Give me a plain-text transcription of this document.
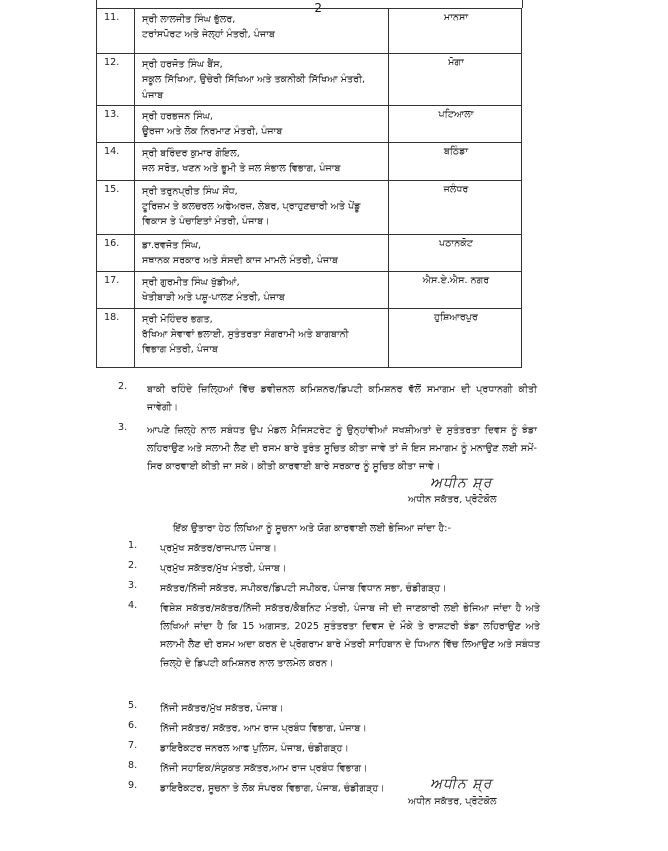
-2-
11.	ਸ੍ਰੀ ਲਾਲਜੀਤ ਸਿੰਘ ਭੁੱਲਰ,
ਟਰਾਂਸਪੋਰਟ ਅਤੇ ਜੇਲ੍ਹਾਂ ਮੰਤਰੀ, ਪੰਜਾਬ	ਮਾਨਸਾ
12.	ਸ੍ਰੀ ਹਰਜੋਤ ਸਿੰਘ ਬੈਂਸ,
ਸਕੂਲ ਸਿੱਖਿਆ, ਉਚੇਰੀ ਸਿੱਖਿਆ ਅਤੇ ਤਕਨੀਕੀ ਸਿੱਖਿਆ ਮੰਤਰੀ,
ਪੰਜਾਬ	ਮੋਗਾ
13.	ਸ੍ਰੀ ਹਰਭਜਨ ਸਿੰਘ,
ਊਰਜਾ ਅਤੇ ਲੋਕ ਨਿਰਮਾਣ ਮੰਤਰੀ, ਪੰਜਾਬ	ਪਟਿਆਲਾ
14.	ਸ੍ਰੀ ਬਰਿੰਦਰ ਕੁਮਾਰ ਗੋਇਲ,
ਜਲ ਸਰੋਤ, ਖਣਨ ਅਤੇ ਭੂਮੀ ਤੇ ਜਲ ਸੰਭਾਲ ਵਿਭਾਗ, ਪੰਜਾਬ	ਬਠਿੰਡਾ
15.	ਸ੍ਰੀ ਤਰੁਨਪ੍ਰੀਤ ਸਿੰਘ ਸੌਂਧ,
ਟੂਰਿਜ਼ਮ ਤੇ ਕਲਚਰਲ ਅਫੇਅਰਜ਼, ਲੇਬਰ, ਪ੍ਰਾਹੁਣਚਾਰੀ ਅਤੇ ਪੇਂਡੂ
ਵਿਕਾਸ ਤੇ ਪੰਚਾਇਤਾਂ ਮੰਤਰੀ, ਪੰਜਾਬ।	ਜਲੰਧਰ
16.	ਡਾ.ਰਵਜੋਤ ਸਿੰਘ,
ਸਥਾਨਕ ਸਰਕਾਰ ਅਤੇ ਸੰਸਦੀ ਕਾਜ ਮਾਮਲੇ ਮੰਤਰੀ, ਪੰਜਾਬ	ਪਠਾਨਕੋਟ
17.	ਸ੍ਰੀ ਗੁਰਮੀਤ ਸਿੰਘ ਖੁੱਡੀਆਂ,
ਖੇਤੀਬਾੜੀ ਅਤੇ ਪਸ਼ੂ-ਪਾਲਣ ਮੰਤਰੀ, ਪੰਜਾਬ	ਐਸ.ਏ.ਐਸ. ਨਗਰ
18.	ਸ੍ਰੀ ਮੋਹਿੰਦਰ ਭਗਤ,
ਰੱਖਿਆ ਸੇਵਾਵਾਂ ਭਲਾਈ, ਸੁਤੰਤਰਤਾ ਸੰਗਰਾਮੀ ਅਤੇ ਬਾਗਬਾਨੀ
ਵਿਭਾਗ ਮੰਤਰੀ, ਪੰਜਾਬ	ਹੁਸ਼ਿਆਰਪੁਰ
2. ਬਾਕੀ ਰਹਿੰਦੇ ਜ਼ਿਲ੍ਹਿਆਂ ਵਿੱਚ ਡਵੀਜ਼ਨਲ ਕਮਿਸ਼ਨਰ/ਡਿਪਟੀ ਕਮਿਸ਼ਨਰ ਵੱਲੋਂ ਸਮਾਗਮ ਦੀ ਪ੍ਰਧਾਨਗੀ ਕੀਤੀ ਜਾਵੇਗੀ।
3. ਆਪਣੇ ਜ਼ਿਲ੍ਹੇ ਨਾਲ ਸਬੰਧਤ ਉਪ ਮੰਡਲ ਮੈਜਿਸਟਰੇਟ ਨੂੰ ਉਨ੍ਹਾਂਵੀਆਂ ਸਖਸ਼ੀਅਤਾਂ ਦੇ ਸੁਤੰਤਰਤਾ ਦਿਵਸ ਨੂੰ ਝੰਡਾ ਲਹਿਰਾਉਣ ਅਤੇ ਸਲਾਮੀ ਲੈਣ ਦੀ ਰਸਮ ਬਾਰੇ ਤੁਰੰਤ ਸੂਚਿਤ ਕੀਤਾ ਜਾਵੇ ਤਾਂ ਜੋ ਇਸ ਸਮਾਗਮ ਨੂੰ ਮਨਾਉਣ ਲਈ ਸਮੇਂ-ਸਿਰ ਕਾਰਵਾਈ ਕੀਤੀ ਜਾ ਸਕੇ। ਕੀਤੀ ਕਾਰਵਾਈ ਬਾਰੇ ਸਰਕਾਰ ਨੂੰ ਸੂਚਿਤ ਕੀਤਾ ਜਾਵੇ।
ਅਧੀਨ ਸ਼੍ਰ
ਅਧੀਨ ਸਕੱਤਰ, ਪ੍ਰੋਟੋਕੋਲ
ਇੱਕ ਉਤਾਰਾ ਹੇਠ ਲਿਖਿਆ ਨੂੰ ਸੂਚਨਾ ਅਤੇ ਯੋਗ ਕਾਰਵਾਈ ਲਈ ਭੇਜਿਆ ਜਾਂਦਾ ਹੈ:-
1. ਪ੍ਰਮੁੱਖ ਸਕੱਤਰ/ਰਾਜਪਾਲ ਪੰਜਾਬ।
2. ਪ੍ਰਮੁੱਖ ਸਕੱਤਰ/ਮੁੱਖ ਮੰਤਰੀ, ਪੰਜਾਬ।
3. ਸਕੱਤਰ/ਨਿੱਜੀ ਸਕੱਤਰ, ਸਪੀਕਰ/ਡਿਪਟੀ ਸਪੀਕਰ, ਪੰਜਾਬ ਵਿਧਾਨ ਸਭਾ, ਚੰਡੀਗੜ੍ਹ।
4. ਵਿਸ਼ੇਸ਼ ਸਕੱਤਰ/ਸਕੱਤਰ/ਨਿੱਜੀ ਸਕੱਤਰ/ਕੈਬਨਿਟ ਮੰਤਰੀ, ਪੰਜਾਬ ਜੀ ਦੀ ਜਾਣਕਾਰੀ ਲਈ ਭੇਜਿਆ ਜਾਂਦਾ ਹੈ ਅਤੇ ਲਿਖਿਆਂ ਜਾਂਦਾ ਹੈ ਕਿ 15 ਅਗਸਤ, 2025 ਸੁਤੰਤਰਤਾ ਦਿਵਸ ਦੇ ਮੌਕੇ ਤੇ ਰਾਸ਼ਟਰੀ ਝੰਡਾ ਲਹਿਰਾਉਣ ਅਤੇ ਸਲਾਮੀ ਲੈਣ ਦੀ ਰਸਮ ਅਦਾ ਕਰਨ ਦੇ ਪ੍ਰੋਗਰਾਮ ਬਾਰੇ ਮੰਤਰੀ ਸਾਹਿਬਾਨ ਦੇ ਧਿਆਨ ਵਿੱਚ ਲਿਆਉਣ ਅਤੇ ਸਬੰਧਤ ਜ਼ਿਲ੍ਹੇ ਦੇ ਡਿਪਟੀ ਕਮਿਸ਼ਨਰ ਨਾਲ ਤਾਲਮੇਲ ਕਰਨ।
5. ਨਿੱਜੀ ਸਕੱਤਰ/ਮੁੱਖ ਸਕੱਤਰ, ਪੰਜਾਬ।
6. ਨਿੱਜੀ ਸਕੱਤਰ/ ਸਕੱਤਰ, ਆਮ ਰਾਜ ਪ੍ਰਬੰਧ ਵਿਭਾਗ, ਪੰਜਾਬ।
7. ਡਾਇਰੈਕਟਰ ਜਨਰਲ ਆਫ ਪੁਲਿਸ, ਪੰਜਾਬ, ਚੰਡੀਗੜ੍ਹ।
8. ਨਿੱਜੀ ਸਹਾਇਕ/ਸੰਯੁਕਤ ਸਕੱਤਰ,ਆਮ ਰਾਜ ਪ੍ਰਬੰਧ ਵਿਭਾਗ।
9. ਡਾਇਰੈਕਟਰ, ਸੂਚਨਾ ਤੇ ਲੋਕ ਸੰਪਰਕ ਵਿਭਾਗ, ਪੰਜਾਬ, ਚੰਡੀਗੜ੍ਹ।	ਅਧੀਨ ਸ਼੍ਰ
ਅਧੀਨ ਸਕੱਤਰ, ਪ੍ਰੋਟੋਕੋਲ
